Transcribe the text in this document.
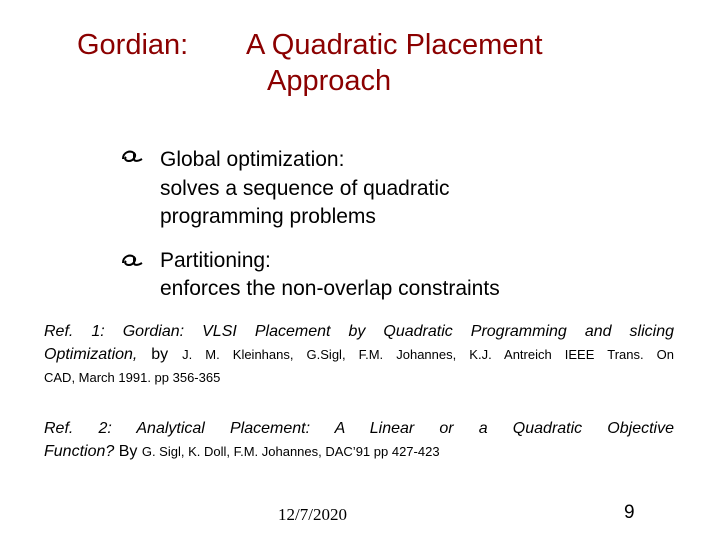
Gordian: A Quadratic Placement
Approach
Global optimization:
solves a sequence of quadratic
programming problems
Partitioning:
enforces the non-overlap constraints
Ref. 1: Gordian: VLSI Placement by Quadratic Programming and slicing
Optimization, by J. M. Kleinhans, G.Sigl, F.M. Johannes, K.J. Antreich IEEE Trans. On
CAD, March 1991. pp 356-365
Ref. 2: Analytical Placement: A Linear or a Quadratic Objective
Function? By G. Sigl, K. Doll, F.M. Johannes, DAC’91 pp 427-423
12/7/2020	9
